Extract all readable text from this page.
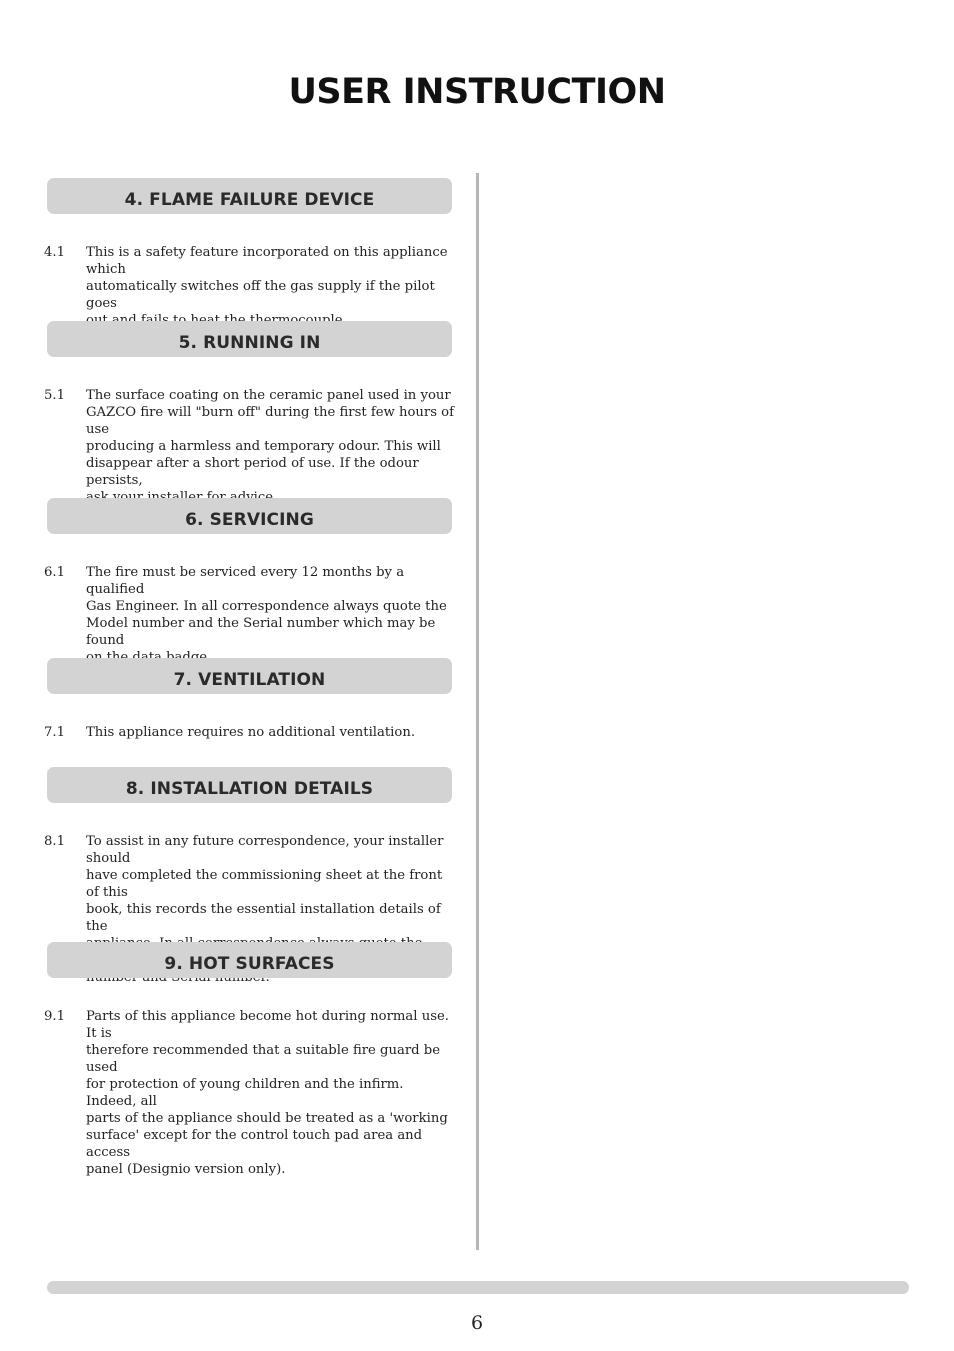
USER INSTRUCTION
4. FLAME FAILURE DEVICE
4.1	This is a safety feature incorporated on this appliance which
automatically switches off the gas supply if the pilot goes
5. RUNNING IN
5.1	The surface coating on the ceramic panel used in your
GAZCO fire will "burn off" during the first few hours of use
producing a harmless and temporary odour. This will
disappear after a short period of use. If the odour persists,
6. SERVICING
6.1	The fire must be serviced every 12 months by a qualified
Gas Engineer. In all correspondence always quote the
Model number and the Serial number which may be found
7. VENTILATION
7.1	This appliance requires no additional ventilation.
8. INSTALLATION DETAILS
8.1	To assist in any future correspondence, your installer should
have completed the commissioning sheet at the front of this
book, this records the essential installation details of the
9. HOT SURFACES
9.1	Parts of this appliance become hot during normal use. It is
therefore recommended that a suitable fire guard be used
for protection of young children and the infirm. Indeed, all
parts of the appliance should be treated as a 'working
surface' except for the control touch pad area and access
panel (Designio version only).
6
